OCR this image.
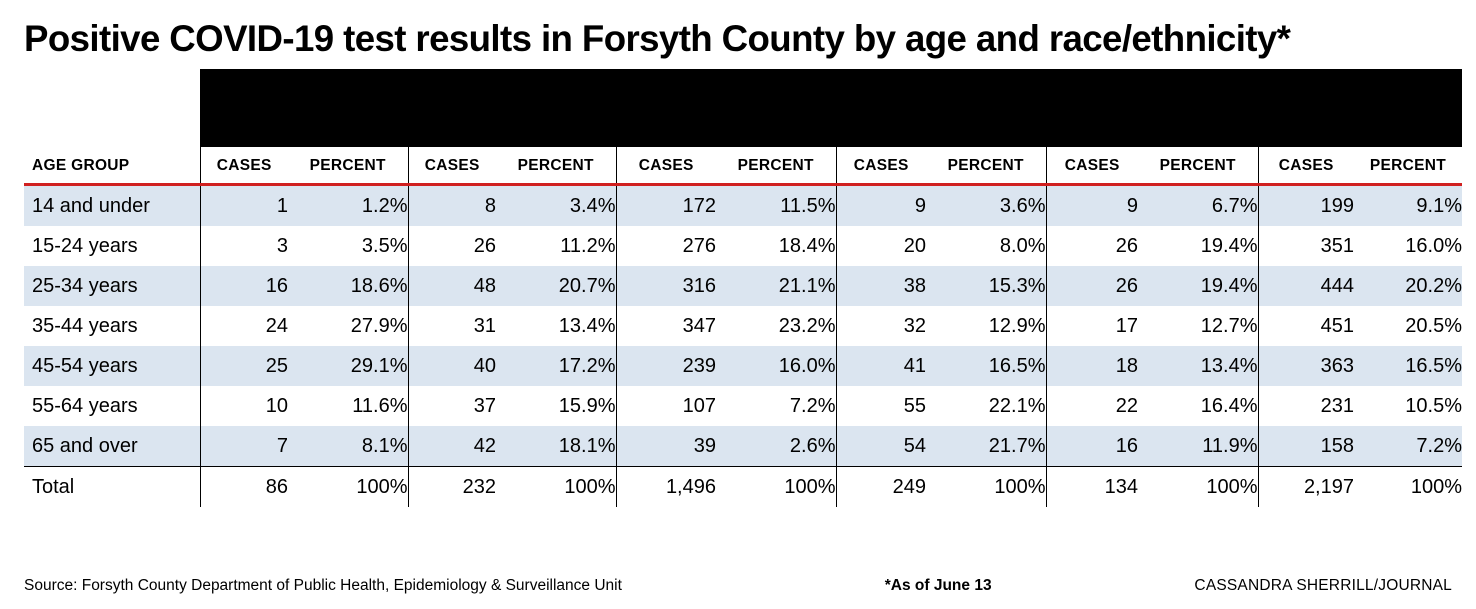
Positive COVID-19 test results in Forsyth County by age and race/ethnicity*

AGE GROUP	CASES	PERCENT	CASES	PERCENT	CASES	PERCENT	CASES	PERCENT	CASES	PERCENT	CASES	PERCENT
14 and under	1	1.2%	8	3.4%	172	11.5%	9	3.6%	9	6.7%	199	9.1%
15-24 years	3	3.5%	26	11.2%	276	18.4%	20	8.0%	26	19.4%	351	16.0%
25-34 years	16	18.6%	48	20.7%	316	21.1%	38	15.3%	26	19.4%	444	20.2%
35-44 years	24	27.9%	31	13.4%	347	23.2%	32	12.9%	17	12.7%	451	20.5%
45-54 years	25	29.1%	40	17.2%	239	16.0%	41	16.5%	18	13.4%	363	16.5%
55-64 years	10	11.6%	37	15.9%	107	7.2%	55	22.1%	22	16.4%	231	10.5%
65 and over	7	8.1%	42	18.1%	39	2.6%	54	21.7%	16	11.9%	158	7.2%
Total	86	100%	232	100%	1,496	100%	249	100%	134	100%	2,197	100%
Source: Forsyth County Department of Public Health, Epidemiology & Surveillance Unit	*As of June 13	CASSANDRA SHERRILL/JOURNAL
